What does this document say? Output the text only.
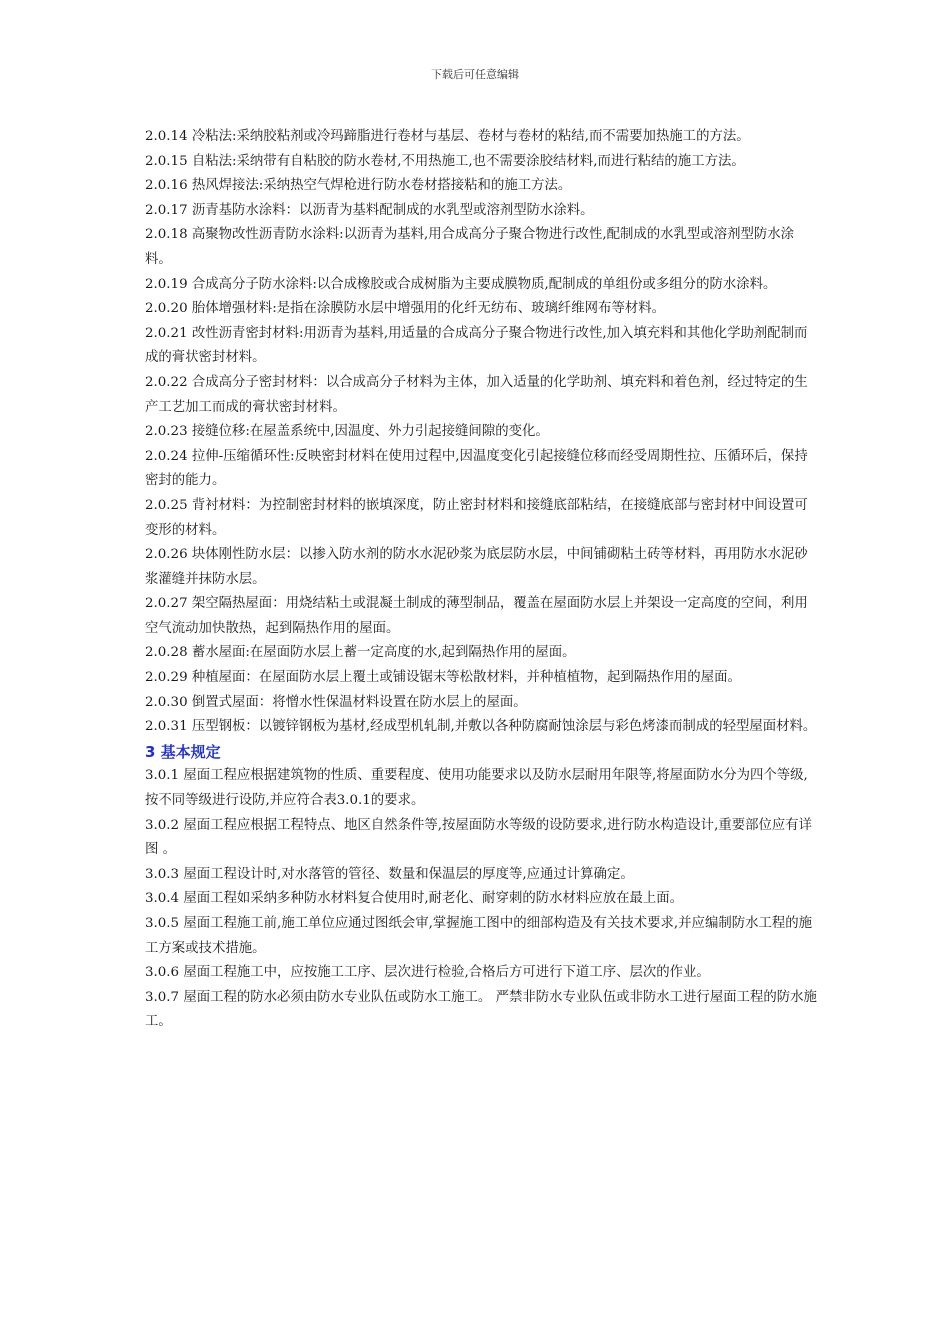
下载后可任意编辑

2.0.14 冷粘法:采纳胶粘剂或冷玛蹄脂进行卷材与基层、卷材与卷材的粘结,而不需要加热施工的方法。

2.0.15 自粘法:采纳带有自粘胶的防水卷材,不用热施工,也不需要涂胶结材料,而进行粘结的施工方法。

2.0.16 热风焊接法:采纳热空气焊枪进行防水卷材搭接粘和的施工方法。

2.0.17 沥青基防水涂料：以沥青为基料配制成的水乳型或溶剂型防水涂料。

2.0.18 高聚物改性沥青防水涂料:以沥青为基料,用合成高分子聚合物进行改性,配制成的水乳型或溶剂型防水涂料。

2.0.19 合成高分子防水涂料:以合成橡胶或合成树脂为主要成膜物质,配制成的单组份或多组分的防水涂料。

2.0.20 胎体增强材料:是指在涂膜防水层中增强用的化纤无纺布、玻璃纤维网布等材料。

2.0.21 改性沥青密封材料:用沥青为基料,用适量的合成高分子聚合物进行改性,加入填充料和其他化学助剂配制而成的膏状密封材料。

2.0.22 合成高分子密封材料：以合成高分子材料为主体，加入适量的化学助剂、填充料和着色剂，经过特定的生产工艺加工而成的膏状密封材料。

2.0.23 接缝位移:在屋盖系统中,因温度、外力引起接缝间隙的变化。

2.0.24 拉伸-压缩循环性:反映密封材料在使用过程中,因温度变化引起接缝位移而经受周期性拉、压循环后，保持密封的能力。

2.0.25 背衬材料：为控制密封材料的嵌填深度，防止密封材料和接缝底部粘结，在接缝底部与密封材中间设置可变形的材料。

2.0.26 块体刚性防水层：以掺入防水剂的防水水泥砂浆为底层防水层，中间铺砌粘土砖等材料，再用防水水泥砂浆灌缝并抹防水层。

2.0.27 架空隔热屋面：用烧结粘土或混凝土制成的薄型制品，覆盖在屋面防水层上并架设一定高度的空间，利用空气流动加快散热，起到隔热作用的屋面。

2.0.28 蓄水屋面:在屋面防水层上蓄一定高度的水,起到隔热作用的屋面。

2.0.29 种植屋面：在屋面防水层上覆土或铺设锯末等松散材料，并种植植物，起到隔热作用的屋面。

2.0.30 倒置式屋面：将憎水性保温材料设置在防水层上的屋面。

2.0.31 压型钢板：以镀锌钢板为基材,经成型机轧制,并敷以各种防腐耐蚀涂层与彩色烤漆而制成的轻型屋面材料。

3 基本规定

3.0.1 屋面工程应根据建筑物的性质、重要程度、使用功能要求以及防水层耐用年限等,将屋面防水分为四个等级,按不同等级进行设防,并应符合表3.0.1的要求。

3.0.2 屋面工程应根据工程特点、地区自然条件等,按屋面防水等级的设防要求,进行防水构造设计,重要部位应有详图 。

3.0.3 屋面工程设计时,对水落管的管径、数量和保温层的厚度等,应通过计算确定。

3.0.4 屋面工程如采纳多种防水材料复合使用时,耐老化、耐穿刺的防水材料应放在最上面。

3.0.5 屋面工程施工前,施工单位应通过图纸会审,掌握施工图中的细部构造及有关技术要求,并应编制防水工程的施工方案或技术措施。

3.0.6 屋面工程施工中，应按施工工序、层次进行检验,合格后方可进行下道工序、层次的作业。

3.0.7 屋面工程的防水必须由防水专业队伍或防水工施工。 严禁非防水专业队伍或非防水工进行屋面工程的防水施工。
